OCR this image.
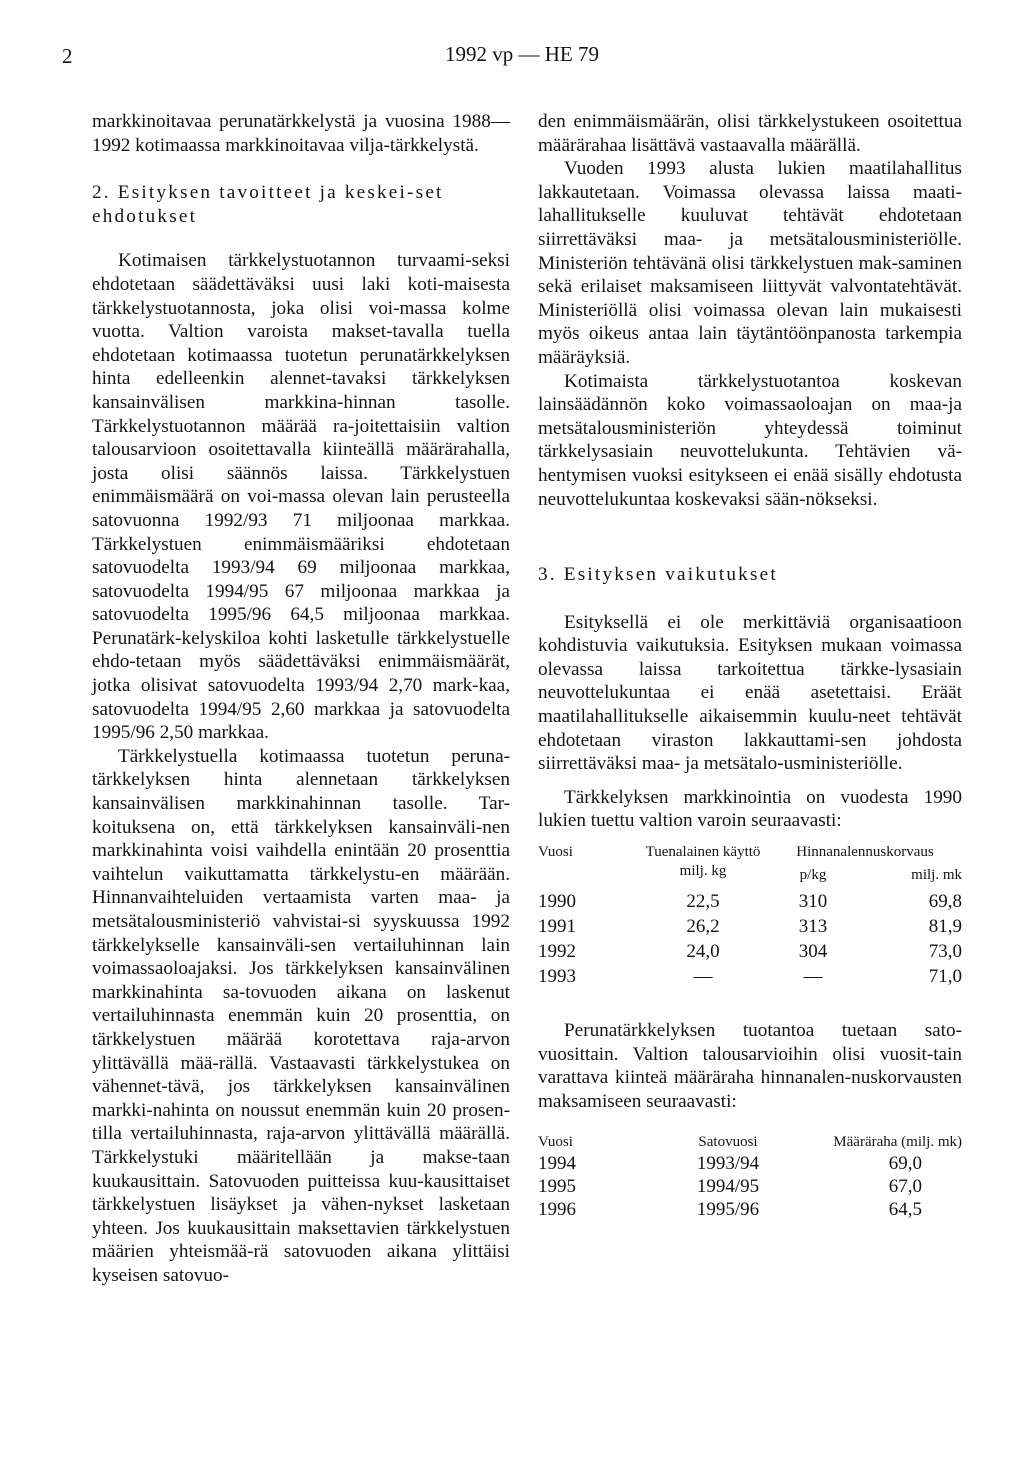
2	1992 vp — HE 79

markkinoitavaa perunatärkkelystä ja vuosina 1988—1992 kotimaassa markkinoitavaa vilja-tärkkelystä.

2. Esityksen tavoitteet ja keskei-set ehdotukset

Kotimaisen tärkkelystuotannon turvaami-seksi ehdotetaan säädettäväksi uusi laki koti-maisesta tärkkelystuotannosta, joka olisi voi-massa kolme vuotta. Valtion varoista makset-tavalla tuella ehdotetaan kotimaassa tuotetun perunatärkkelyksen hinta edelleenkin alennet-tavaksi tärkkelyksen kansainvälisen markkina-hinnan tasolle. Tärkkelystuotannon määrää ra-joitettaisiin valtion talousarvioon osoitettavalla kiinteällä määrärahalla, josta olisi säännös laissa. Tärkkelystuen enimmäismäärä on voi-massa olevan lain perusteella satovuonna 1992/93 71 miljoonaa markkaa. Tärkkelystuen enimmäismääriksi ehdotetaan satovuodelta 1993/94 69 miljoonaa markkaa, satovuodelta 1994/95 67 miljoonaa markkaa ja satovuodelta 1995/96 64,5 miljoonaa markkaa. Perunatärk-kelyskiloa kohti lasketulle tärkkelystuelle ehdo-tetaan myös säädettäväksi enimmäismäärät, jotka olisivat satovuodelta 1993/94 2,70 mark-kaa, satovuodelta 1994/95 2,60 markkaa ja satovuodelta 1995/96 2,50 markkaa.

Tärkkelystuella kotimaassa tuotetun peruna-tärkkelyksen hinta alennetaan tärkkelyksen kansainvälisen markkinahinnan tasolle. Tar-koituksena on, että tärkkelyksen kansainväli-nen markkinahinta voisi vaihdella enintään 20 prosenttia vaihtelun vaikuttamatta tärkkelystu-en määrään. Hinnanvaihteluiden vertaamista varten maa- ja metsätalousministeriö vahvistai-si syyskuussa 1992 tärkkelykselle kansainväli-sen vertailuhinnan lain voimassaoloajaksi. Jos tärkkelyksen kansainvälinen markkinahinta sa-tovuoden aikana on laskenut vertailuhinnasta enemmän kuin 20 prosenttia, on tärkkelystuen määrää korotettava raja-arvon ylittävällä mää-rällä. Vastaavasti tärkkelystukea on vähennet-tävä, jos tärkkelyksen kansainvälinen markki-nahinta on noussut enemmän kuin 20 prosen-tilla vertailuhinnasta, raja-arvon ylittävällä määrällä. Tärkkelystuki määritellään ja makse-taan kuukausittain. Satovuoden puitteissa kuu-kausittaiset tärkkelystuen lisäykset ja vähen-nykset lasketaan yhteen. Jos kuukausittain maksettavien tärkkelystuen määrien yhteismää-rä satovuoden aikana ylittäisi kyseisen satovuo-

den enimmäismäärän, olisi tärkkelystukeen osoitettua määrärahaa lisättävä vastaavalla määrällä.

Vuoden 1993 alusta lukien maatilahallitus lakkautetaan. Voimassa olevassa laissa maati-lahallitukselle kuuluvat tehtävät ehdotetaan siirrettäväksi maa- ja metsätalousministeriölle. Ministeriön tehtävänä olisi tärkkelystuen mak-saminen sekä erilaiset maksamiseen liittyvät valvontatehtävät. Ministeriöllä olisi voimassa olevan lain mukaisesti myös oikeus antaa lain täytäntöönpanosta tarkempia määräyksiä.

Kotimaista tärkkelystuotantoa koskevan lainsäädännön koko voimassaoloajan on maa-ja metsätalousministeriön yhteydessä toiminut tärkkelysasiain neuvottelukunta. Tehtävien vä-hentymisen vuoksi esitykseen ei enää sisälly ehdotusta neuvottelukuntaa koskevaksi sään-nökseksi.

3. Esityksen vaikutukset

Esityksellä ei ole merkittäviä organisaatioon kohdistuvia vaikutuksia. Esityksen mukaan voimassa olevassa laissa tarkoitettua tärkke-lysasiain neuvottelukuntaa ei enää asetettaisi. Eräät maatilahallitukselle aikaisemmin kuulu-neet tehtävät ehdotetaan viraston lakkauttami-sen johdosta siirrettäväksi maa- ja metsätalo-usministeriölle.

Tärkkelyksen markkinointia on vuodesta 1990 lukien tuettu valtion varoin seuraavasti:

Vuosi	Tuenalainen käyttö milj. kg	Hinnanalennuskorvaus	
		p/kg	milj. mk
1990	22,5	310	69,8
1991	26,2	313	81,9
1992	24,0	304	73,0
1993	—	—	71,0

Perunatärkkelyksen tuotantoa tuetaan sato-vuosittain. Valtion talousarvioihin olisi vuosit-tain varattava kiinteä määräraha hinnanalen-nuskorvausten maksamiseen seuraavasti:

Vuosi	Satovuosi	Määräraha (milj. mk)
1994	1993/94	69,0
1995	1994/95	67,0
1996	1995/96	64,5
